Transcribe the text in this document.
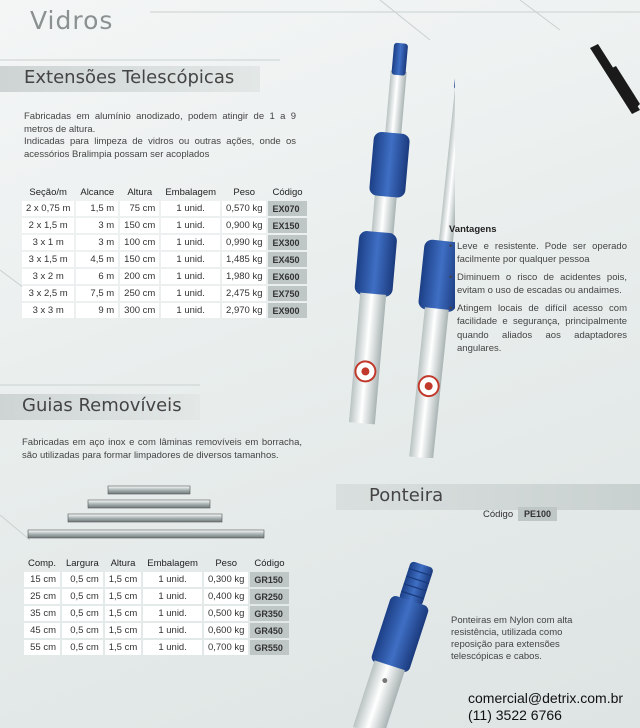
Vidros
Extensões Telescópicas
Fabricadas em alumínio anodizado, podem atingir de 1 a 9 metros de altura.
Indicadas para limpeza de vidros ou outras ações, onde os acessórios Bralimpia possam ser acoplados
Seção/m	Alcance	Altura	Embalagem	Peso	Código
2 x 0,75 m	1,5 m	75 cm	1 unid.	0,570 kg	EX070
2 x 1,5 m	3 m	150 cm	1 unid.	0,900 kg	EX150
3 x 1 m	3 m	100 cm	1 unid.	0,990 kg	EX300
3 x 1,5 m	4,5 m	150 cm	1 unid.	1,485 kg	EX450
3 x 2 m	6 m	200 cm	1 unid.	1,980 kg	EX600
3 x 2,5 m	7,5 m	250 cm	1 unid.	2,475 kg	EX750
3 x 3 m	9 m	300 cm	1 unid.	2,970 kg	EX900
Vantagens
• Leve e resistente. Pode ser operado facilmente por qualquer pessoa
• Diminuem o risco de acidentes pois, evitam o uso de escadas ou andaimes.
• Atingem locais de difícil acesso com facilidade e segurança, principalmente quando aliados aos adaptadores angulares.
Guias Removíveis
Fabricadas em aço inox e com lâminas removíveis em borracha, são utilizadas para formar limpadores de diversos tamanhos.
Comp.	Largura	Altura	Embalagem	Peso	Código
15 cm	0,5 cm	1,5 cm	1 unid.	0,300 kg	GR150
25 cm	0,5 cm	1,5 cm	1 unid.	0,400 kg	GR250
35 cm	0,5 cm	1,5 cm	1 unid.	0,500 kg	GR350
45 cm	0,5 cm	1,5 cm	1 unid.	0,600 kg	GR450
55 cm	0,5 cm	1,5 cm	1 unid.	0,700 kg	GR550
Ponteira
Código	PE100
Ponteiras em Nylon com alta resistência, utilizada como reposição para extensões telescópicas e cabos.
comercial@detrix.com.br
(11) 3522 6766
